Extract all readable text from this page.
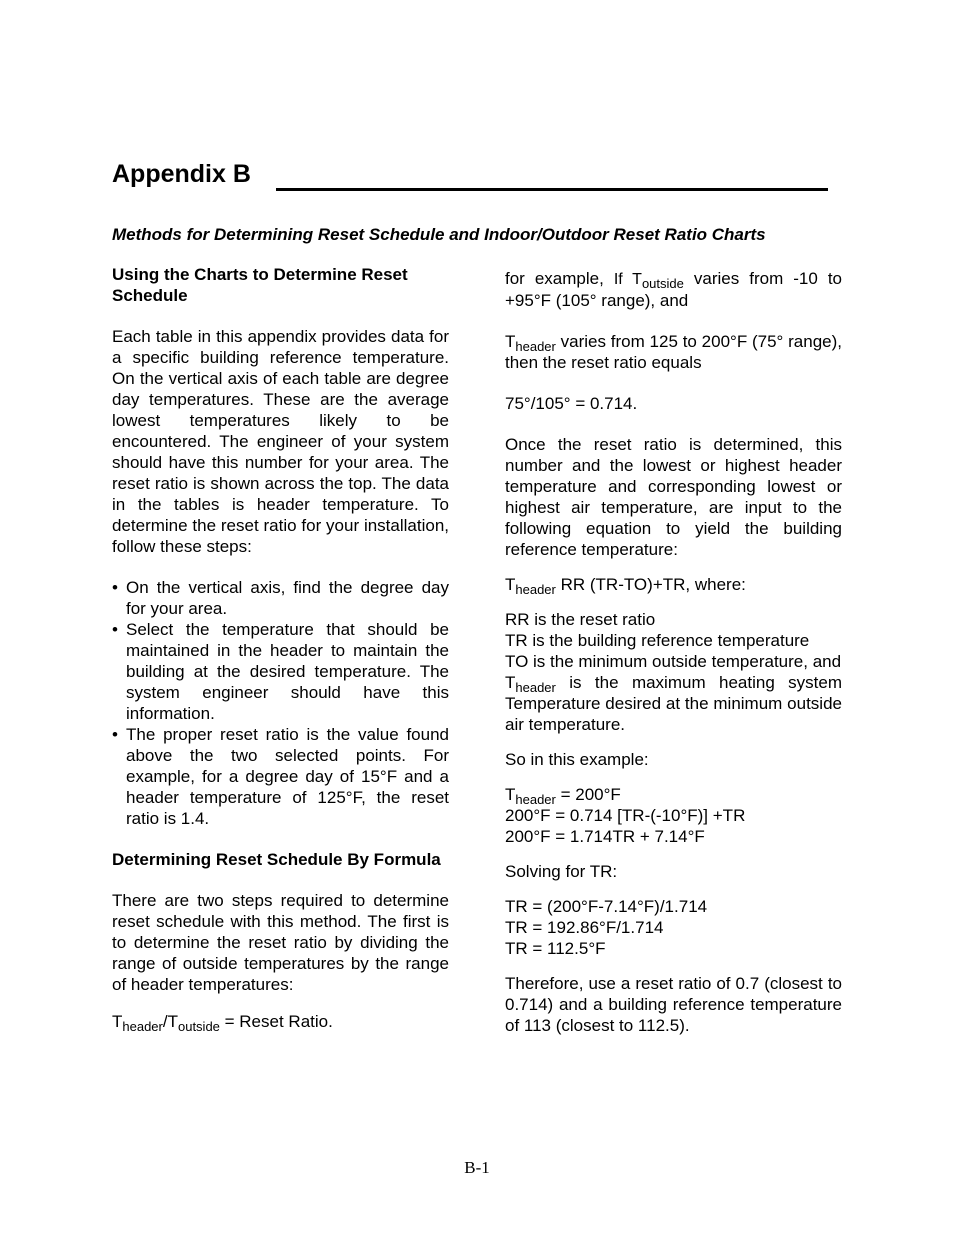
Appendix B
Methods for Determining Reset Schedule and Indoor/Outdoor Reset Ratio Charts
Using the Charts to Determine Reset Schedule

Each table in this appendix provides data for a specific building reference temperature. On the vertical axis of each table are degree day temperatures. These are the average lowest temperatures likely to be encountered. The engineer of your system should have this number for your area. The reset ratio is shown across the top. The data in the tables is header temperature. To determine the reset ratio for your installation, follow these steps:

• On the vertical axis, find the degree day for your area.
• Select the temperature that should be maintained in the header to maintain the building at the desired temperature. The system engineer should have this information.
• The proper reset ratio is the value found above the two selected points. For example, for a degree day of 15°F and a header temperature of 125°F, the reset ratio is 1.4.
Determining Reset Schedule By Formula

There are two steps required to determine reset schedule with this method. The first is to determine the reset ratio by dividing the range of outside temperatures by the range of header temperatures:

$T_{header}/T_{outside}$ = Reset Ratio.

for example, If $T_{outside}$ varies from -10 to +95°F (105° range), and

$T_{header}$ varies from 125 to 200°F (75° range), then the reset ratio equals

75°/105° = 0.714.

Once the reset ratio is determined, this number and the lowest or highest header temperature and corresponding lowest or highest air temperature, are input to the following equation to yield the building reference temperature:

$T_{header}$ RR (TR-TO)+TR, where:

RR is the reset ratio
TR is the building reference temperature
TO is the minimum outside temperature, and
$T_{header}$ is the maximum heating system Temperature desired at the minimum outside air temperature.

So in this example:

$T_{header} = 200^\circ F$
200°F = 0.714 [TR-(-10°F)] +TR
200°F = 1.714TR + 7.14°F

Solving for TR:

TR = (200°F-7.14°F)/1.714
TR = 192.86°F/1.714
TR = 112.5°F

Therefore, use a reset ratio of 0.7 (closest to 0.714) and a building reference temperature of 113 (closest to 112.5).

B-1
